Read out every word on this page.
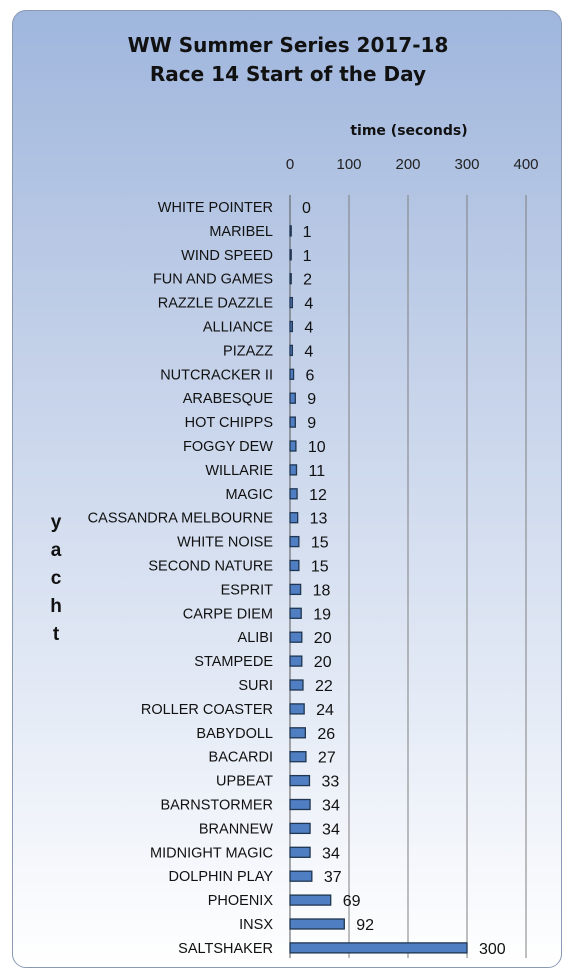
WW Summer Series 2017-18
Race 14 Start of the Day
time (seconds)
0	100 200 300 400
y
a
c
h
t
WHITE POINTER 0
MARIBEL 1
WIND SPEED 1
FUN AND GAMES 2
RAZZLE DAZZLE 4
ALLIANCE 4
PIZAZZ 4
NUTCRACKER II 6
ARABESQUE 9
HOT CHIPPS 9
FOGGY DEW 10
WILLARIE 11
MAGIC 12
CASSANDRA MELBOURNE 13
WHITE NOISE 15
SECOND NATURE 15
ESPRIT 18
CARPE DIEM	19
ALIBI	20
STAMPEDE	20
SURI	22
ROLLER COASTER	24
BABYDOLL	26
BACARDI	27
UPBEAT	33
BARNSTORMER	34
BRANNEW	34
MIDNIGHT MAGIC	34
DOLPHIN PLAY	37
PHOENIX	69
INSX	92
SALTSHAKER	300
